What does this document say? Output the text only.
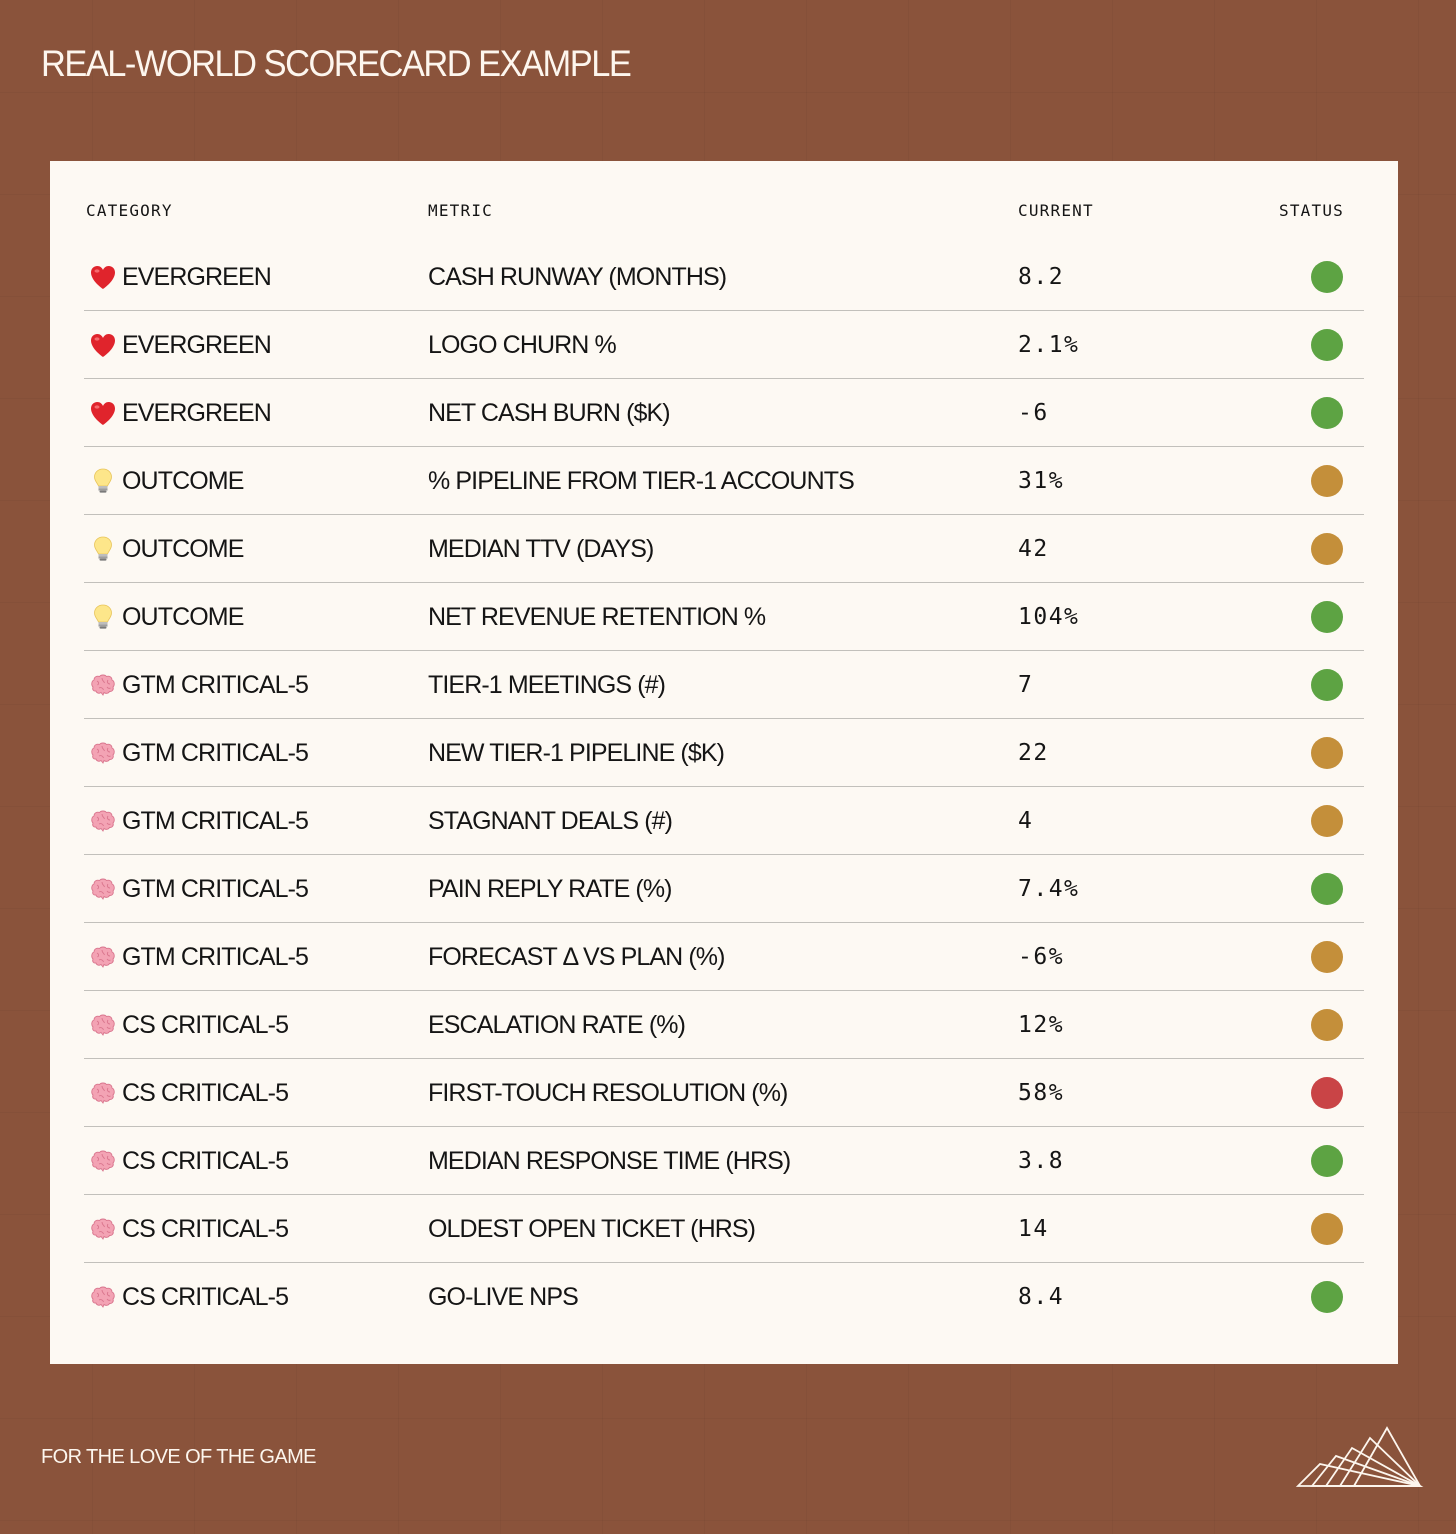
REAL-WORLD SCORECARD EXAMPLE
CATEGORY	METRIC	CURRENT	STATUS
EVERGREEN	CASH RUNWAY (MONTHS)	8.2
EVERGREEN	LOGO CHURN %	2.1%
EVERGREEN	NET CASH BURN ($K)	-6
OUTCOME	% PIPELINE FROM TIER-1 ACCOUNTS	31%
OUTCOME	MEDIAN TTV (DAYS)	42
OUTCOME	NET REVENUE RETENTION %	104%
GTM CRITICAL-5	TIER-1 MEETINGS (#)	7
GTM CRITICAL-5	NEW TIER-1 PIPELINE ($K)	22
GTM CRITICAL-5	STAGNANT DEALS (#)	4
GTM CRITICAL-5	PAIN REPLY RATE (%)	7.4%
GTM CRITICAL-5	FORECAST Δ VS PLAN (%)	-6%
CS CRITICAL-5	ESCALATION RATE (%)	12%
CS CRITICAL-5	FIRST-TOUCH RESOLUTION (%)	58%
CS CRITICAL-5	MEDIAN RESPONSE TIME (HRS)	3.8
CS CRITICAL-5	OLDEST OPEN TICKET (HRS)	14
CS CRITICAL-5	GO-LIVE NPS	8.4

FOR THE LOVE OF THE GAME
